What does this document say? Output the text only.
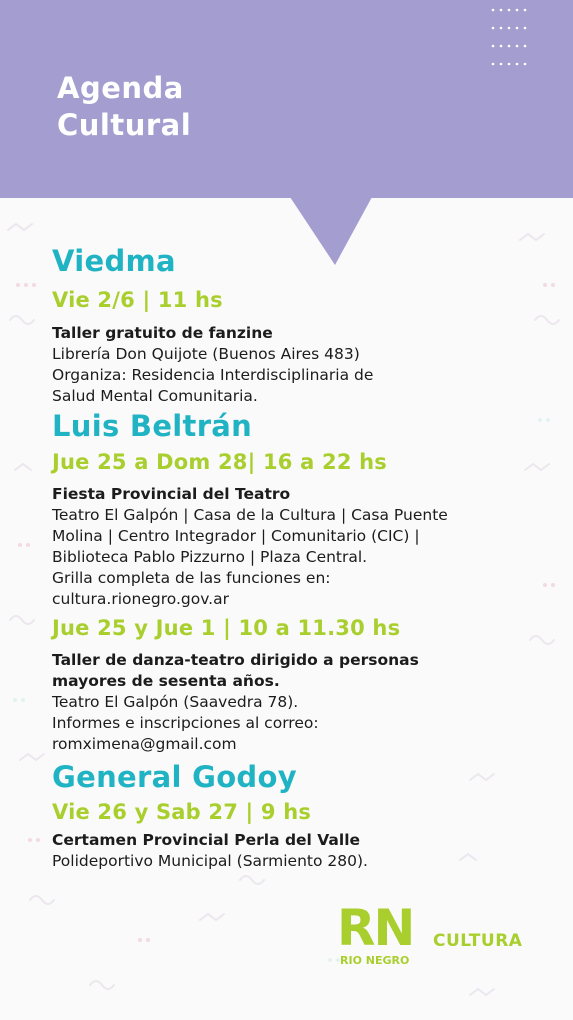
Agenda
Cultural
Viedma
Vie 2/6 | 11 hs
Taller gratuito de fanzine
Librería Don Quijote (Buenos Aires 483)
Organiza: Residencia Interdisciplinaria de
Salud Mental Comunitaria.
Luis Beltrán
Jue 25 a Dom 28| 16 a 22 hs
Fiesta Provincial del Teatro
Teatro El Galpón | Casa de la Cultura | Casa Puente
Molina | Centro Integrador | Comunitario (CIC) |
Biblioteca Pablo Pizzurno | Plaza Central.
Grilla completa de las funciones en:
cultura.rionegro.gov.ar
Jue 25 y Jue 1 | 10 a 11.30 hs
Taller de danza-teatro dirigido a personas
mayores de sesenta años.
Teatro El Galpón (Saavedra 78).
Informes e inscripciones al correo:
romximena@gmail.com
General Godoy
Vie 26 y Sab 27 | 9 hs
Certamen Provincial Perla del Valle
Polideportivo Municipal (Sarmiento 280).
RN
RIO NEGRO
CULTURA
